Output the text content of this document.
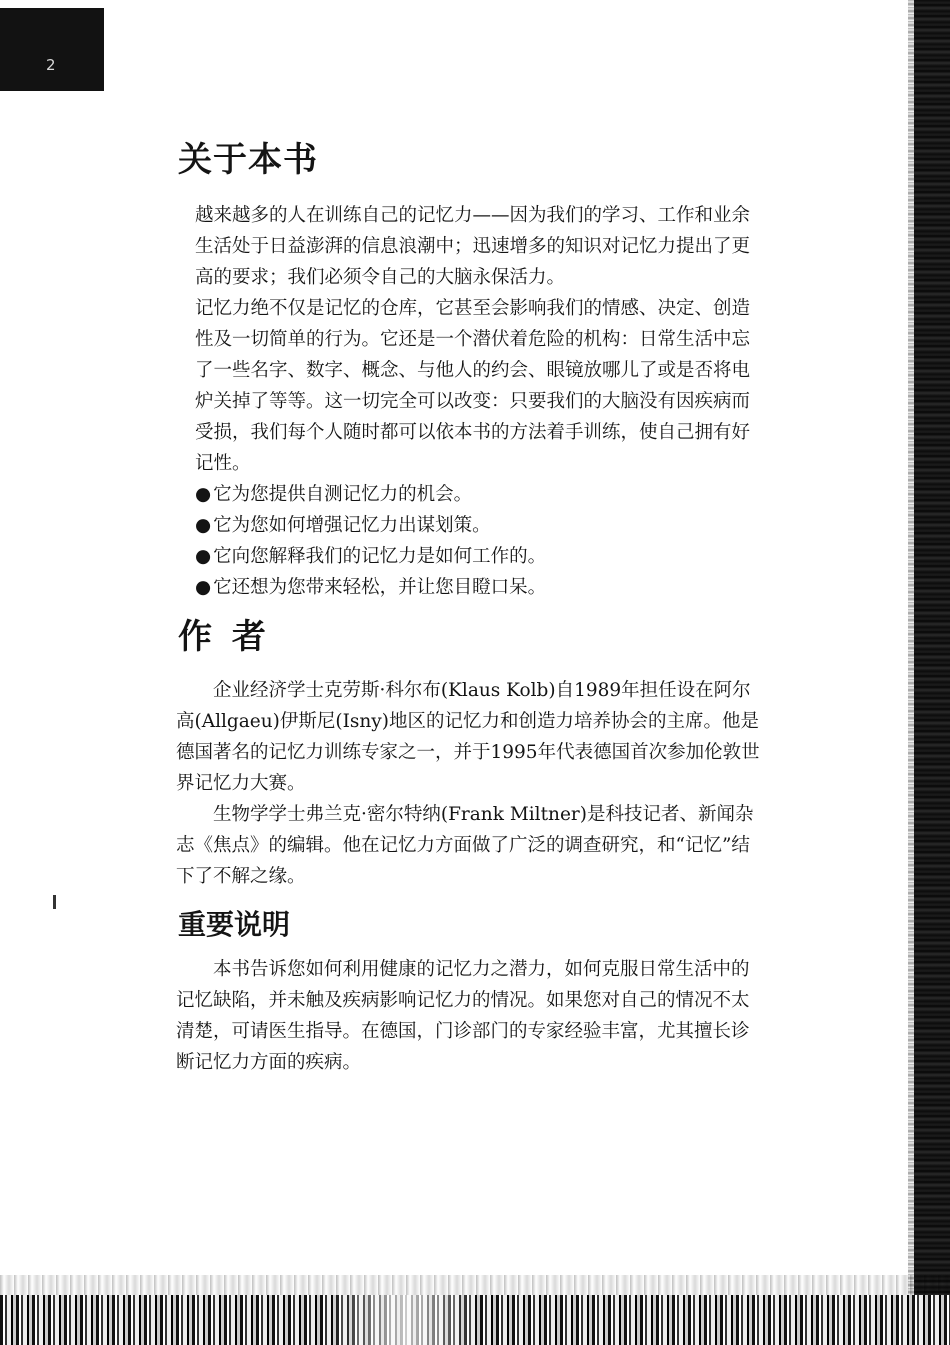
2
关于本书

越来越多的人在训练自己的记忆力——因为我们的学习、工作和业余生活处于日益澎湃的信息浪潮中；迅速增多的知识对记忆力提出了更高的要求；我们必须令自己的大脑永保活力。

记忆力绝不仅是记忆的仓库，它甚至会影响我们的情感、决定、创造性及一切简单的行为。它还是一个潜伏着危险的机构：日常生活中忘了一些名字、数字、概念、与他人的约会、眼镜放哪儿了或是否将电炉关掉了等等。这一切完全可以改变：只要我们的大脑没有因疾病而受损，我们每个人随时都可以依本书的方法着手训练，使自己拥有好记性。

● 它为您提供自测记忆力的机会。

● 它为您如何增强记忆力出谋划策。

● 它向您解释我们的记忆力是如何工作的。

● 它还想为您带来轻松，并让您目瞪口呆。

作 者

企业经济学士克劳斯·科尔布(Klaus Kolb)自1989年担任设在阿尔高(Allgaeu)伊斯尼(Isny)地区的记忆力和创造力培养协会的主席。他是德国著名的记忆力训练专家之一，并于1995年代表德国首次参加伦敦世界记忆力大赛。

生物学学士弗兰克·密尔特纳(Frank Miltner)是科技记者、新闻杂志《焦点》的编辑。他在记忆力方面做了广泛的调查研究，和“记忆”结下了不解之缘。

重要说明

本书告诉您如何利用健康的记忆力之潜力，如何克服日常生活中的记忆缺陷，并未触及疾病影响记忆力的情况。如果您对自己的情况不太清楚，可请医生指导。在德国，门诊部门的专家经验丰富，尤其擅长诊断记忆力方面的疾病。
